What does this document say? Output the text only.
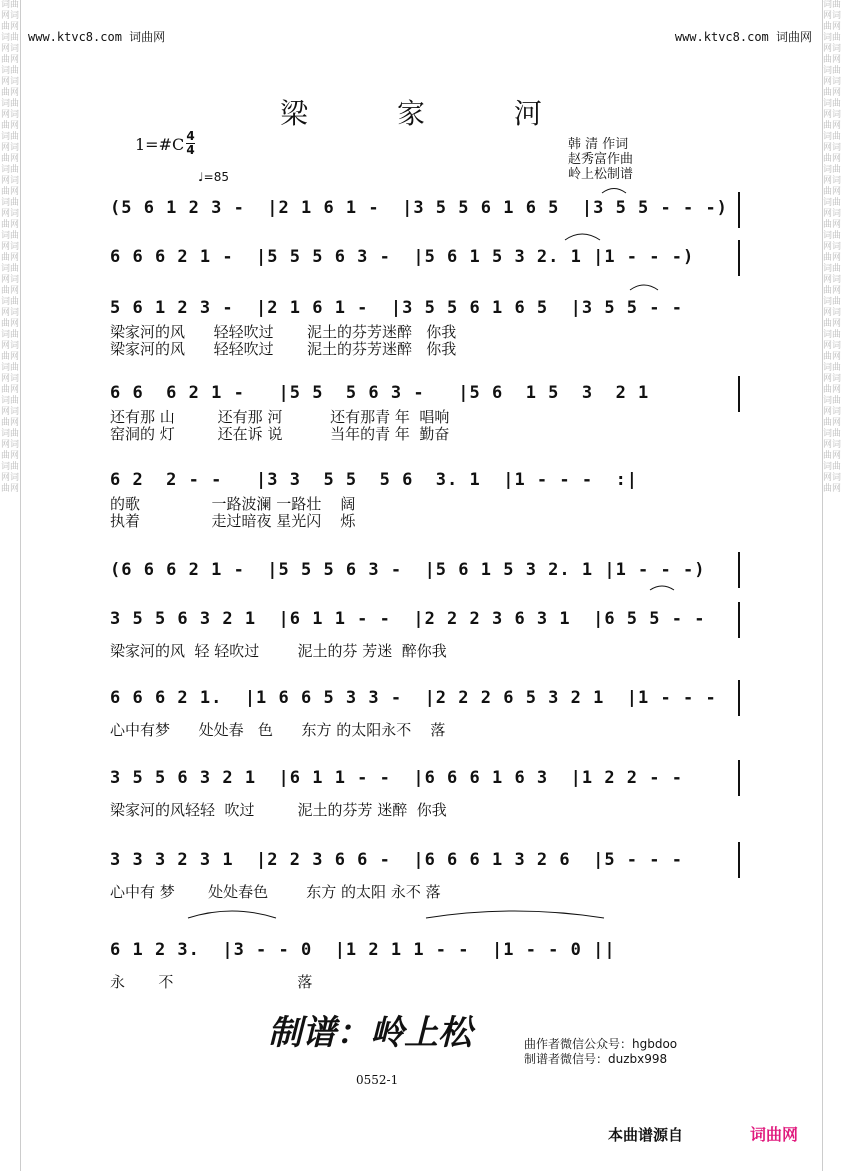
词曲网词曲网词曲网词曲网词曲网词曲网词曲网词曲网词曲网词曲网词曲网词曲网词曲网词曲网词曲网词曲网词曲网词曲网词曲网词曲网词曲网词曲网词曲网词曲网词曲网词曲网词曲网词曲网词曲网词曲网
词曲网词曲网词曲网词曲网词曲网词曲网词曲网词曲网词曲网词曲网词曲网词曲网词曲网词曲网词曲网词曲网词曲网词曲网词曲网词曲网词曲网词曲网词曲网词曲网词曲网词曲网词曲网词曲网词曲网词曲网
www.ktvc8.com 词曲网	www.ktvc8.com 词曲网
梁 家 河
1=#C 4
4
♩=85
韩 清 作词
赵秀富作曲
岭上松制谱
(5 6 1 2 3 -  |2 1 6 1 -  |3 5 5 6 1 6 5  |3 5 5 - - -)
6 6 6 2 1 -  |5 5 5 6 3 -  |5 6 1 5 3 2. 1 |1 - - -)
5 6 1 2 3 -  |2 1 6 1 -  |3 5 5 6 1 6 5  |3 5 5 - -
梁家河的风      轻轻吹过       泥土的芬芳迷醉   你我
梁家河的风      轻轻吹过       泥土的芬芳迷醉   你我
6 6  6 2 1 -   |5 5  5 6 3 -   |5 6  1 5  3  2 1
还有那 山         还有那 河          还有那青 年  唱响
窑洞的 灯         还在诉 说          当年的青 年  勤奋
6 2  2 - -   |3 3  5 5  5 6  3. 1  |1 - - -  :|
的歌               一路波澜 一路壮    阔
执着               走过暗夜 星光闪    烁
(6 6 6 2 1 -  |5 5 5 6 3 -  |5 6 1 5 3 2. 1 |1 - - -)
3 5 5 6 3 2 1  |6 1 1 - -  |2 2 2 3 6 3 1  |6 5 5 - -
梁家河的风  轻 轻吹过        泥土的芬 芳迷  醉你我
6 6 6 2 1.  |1 6 6 5 3 3 -  |2 2 2 6 5 3 2 1  |1 - - -
心中有梦      处处春   色      东方 的太阳永不    落
3 5 5 6 3 2 1  |6 1 1 - -  |6 6 6 1 6 3  |1 2 2 - -
梁家河的风轻轻  吹过         泥土的芬芳 迷醉  你我
3 3 3 2 3 1  |2 2 3 6 6 -  |6 6 6 1 3 2 6  |5 - - -
心中有 梦       处处春色        东方 的太阳 永不 落
6 1 2 3.  |3 - - 0  |1 2 1 1 - -  |1 - - 0 ||
永       不                          落
制谱：岭上松	曲作者微信公众号：hgbdoo
制谱者微信号：duzbx998
0552-1
本曲谱源自	词曲网
